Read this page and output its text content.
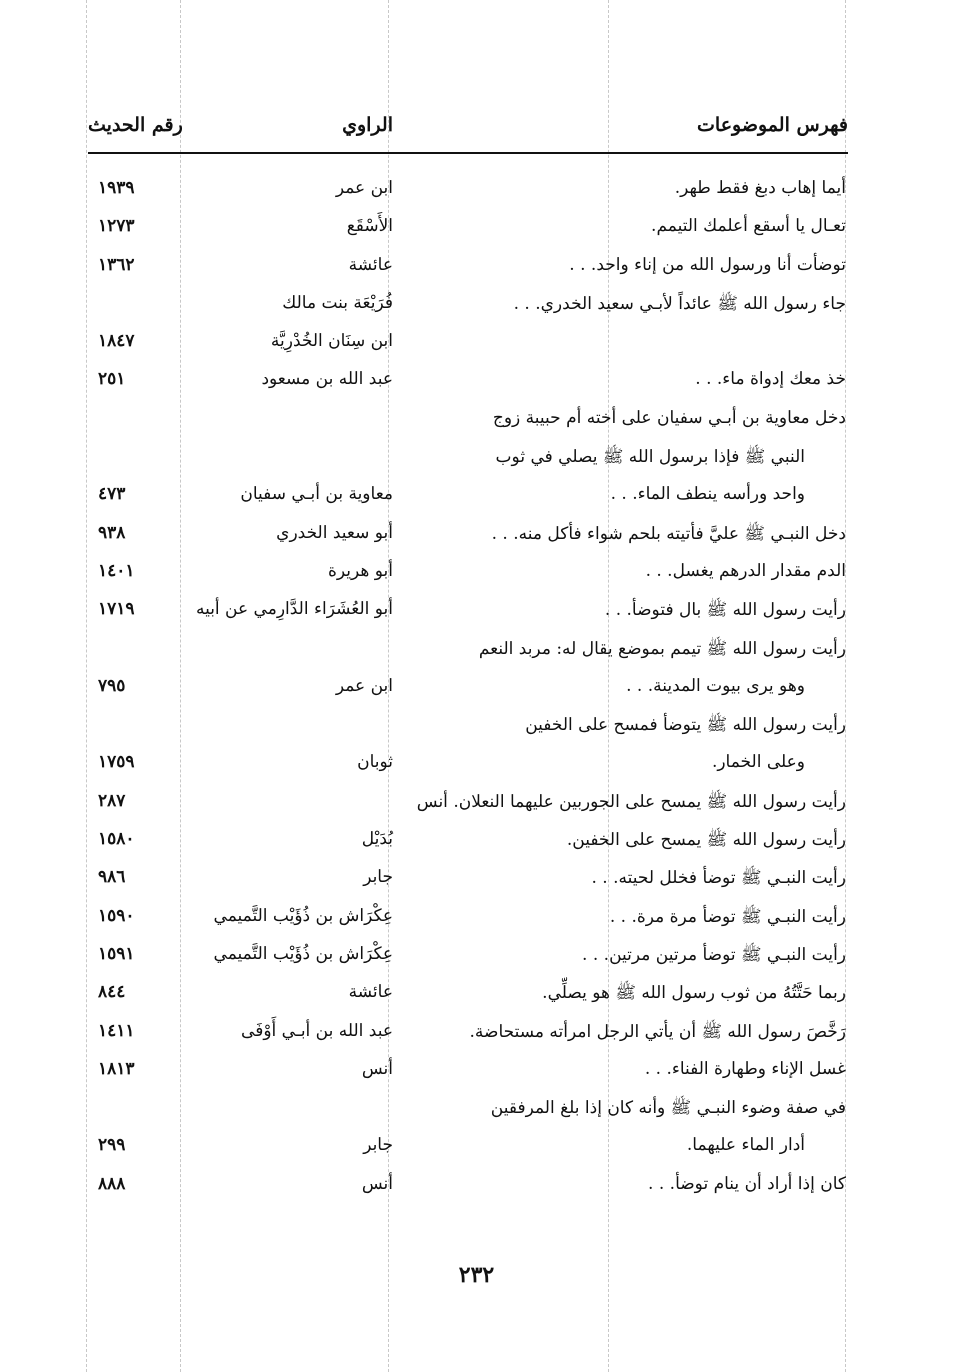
فهرس الموضوعات
الراوي
رقم الحديث
أيما إهاب دبغ فقط طهر.
ابن عمر
١٩٣٩
تعـال يا أسقع أعلمك التيمم.
الأَسْقَع
١٢٧٣
توضأت أنا ورسول الله من إناء واحد. . .
عائشة
١٣٦٢
جاء رسول الله ﷺ عائداً لأبـي سعيد الخدري. . .
فُرَيْعَة بنت مالك
ابن سِنَان الخُدْرِيَّة
١٨٤٧
خذ معك إدواة ماء. . .
عبد الله بن مسعود
٢٥١
دخل معاوية بن أبـي سفيان على أخته أم حبيبة زوج
النبي ﷺ فإذا برسول الله ﷺ يصلي في ثوب
واحد ورأسه ينطف الماء. . .
معاوية بن أبـي سفيان
٤٧٣
دخل النبـي ﷺ عليَّ فأتيته بلحم شواء فأكل منه. . .
أبو سعيد الخدري
٩٣٨
الدم مقدار الدرهم يغسل. . .
أبو هريرة
١٤٠١
رأيت رسول الله ﷺ بال فتوضأ. . .
أبو العُشَرَاء الدَّارِمي عن أبيه
١٧١٩
رأيت رسول الله ﷺ تيمم بموضع يقال له: مربد النعم
وهو يرى بيوت المدينة. . .
ابن عمر
٧٩٥
رأيت رسول الله ﷺ يتوضأ فمسح على الخفين
وعلى الخمار.
ثوبان
١٧٥٩
رأيت رسول الله ﷺ يمسح على الجوربين عليهما النعلان. أنس
٢٨٧
رأيت رسول الله ﷺ يمسح على الخفين.
بُدَيْل
١٥٨٠
رأيت النبـي ﷺ توضأ فخلل لحيته. . .
جابر
٩٨٦
رأيت النبـي ﷺ توضأ مرة مرة. . .
عِكْرَاش بن ذُؤَيْب التَّميمي
١٥٩٠
رأيت النبـي ﷺ توضأ مرتين مرتين. . .
عِكْرَاش بن ذُؤَيْب التَّميمي
١٥٩١
ربما حَتَّتُهُ من ثوب رسول الله ﷺ هو يصلِّي.
عائشة
٨٤٤
رَخَّصَ رسول الله ﷺ أن يأتي الرجل امرأته مستحاضة.
عبد الله بن أبـي أَوْفَى
١٤١١
غسل الإناء وطهارة الفناء. . .
أنس
١٨١٣
في صفة وضوء النبـي ﷺ وأنه كان إذا بلغ المرفقين
أدار الماء عليهما.
جابر
٢٩٩
كان إذا أراد أن ينام توضأ. . .
أنس
٨٨٨
٢٣٢
